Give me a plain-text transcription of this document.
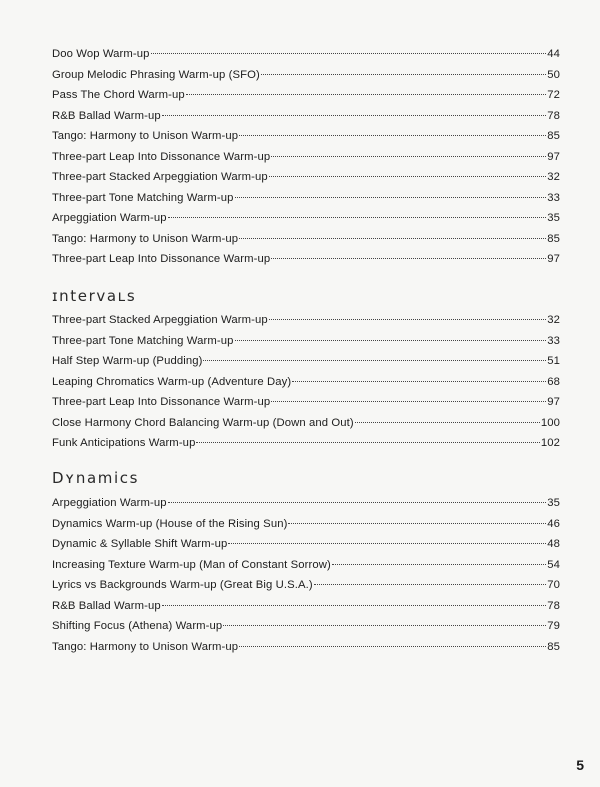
Doo Wop Warm-up	44
Group Melodic Phrasing Warm-up (SFO)	50
Pass The Chord Warm-up	72
R&B Ballad Warm-up	78
Tango: Harmony to Unison Warm-up	85
Three-part Leap Into Dissonance Warm-up	97
Three-part Stacked Arpeggiation Warm-up	32
Three-part Tone Matching Warm-up	33
Arpeggiation Warm-up	35
Tango: Harmony to Unison Warm-up	85
Three-part Leap Into Dissonance Warm-up	97
ɪntervaʟs
Three-part Stacked Arpeggiation Warm-up	32
Three-part Tone Matching Warm-up	33
Half Step Warm-up (Pudding)	51
Leaping Chromatics Warm-up (Adventure Day)	68
Three-part Leap Into Dissonance Warm-up	97
Close Harmony Chord Balancing Warm-up (Down and Out)	100
Funk Anticipations Warm-up	102
Dʏnamics
Arpeggiation Warm-up	35
Dynamics Warm-up (House of the Rising Sun)	46
Dynamic & Syllable Shift Warm-up	48
Increasing Texture Warm-up (Man of Constant Sorrow)	54
Lyrics vs Backgrounds Warm-up (Great Big U.S.A.)	70
R&B Ballad Warm-up	78
Shifting Focus (Athena) Warm-up	79
Tango: Harmony to Unison Warm-up	85
5
